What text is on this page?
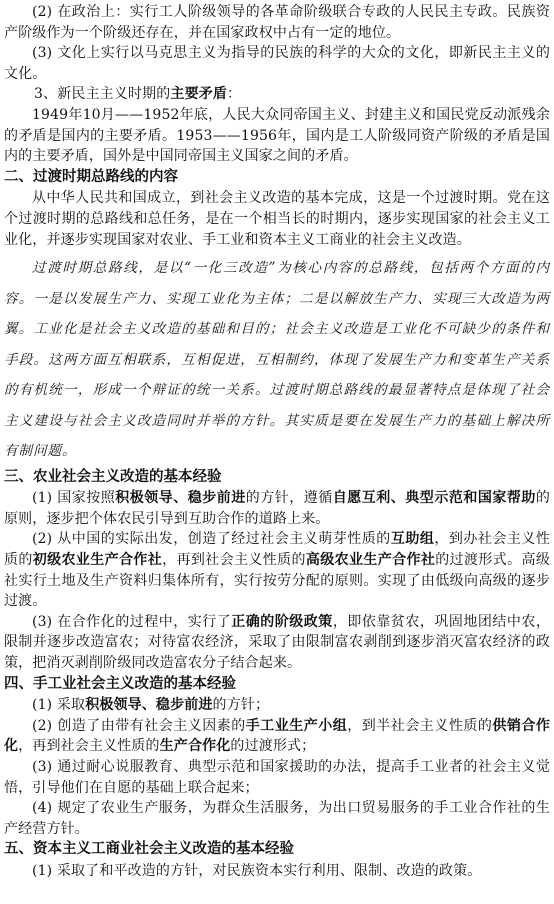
(2) 在政治上：实行工人阶级领导的各革命阶级联合专政的人民民主专政。民族资产阶级作为一个阶级还存在，并在国家政权中占有一定的地位。

(3) 文化上实行以马克思主义为指导的民族的科学的大众的文化，即新民主主义的文化。

3、新民主主义时期的主要矛盾：

1949年10月——1952年底，人民大众同帝国主义、封建主义和国民党反动派残余的矛盾是国内的主要矛盾。1953——1956年，国内是工人阶级同资产阶级的矛盾是国内的主要矛盾，国外是中国同帝国主义国家之间的矛盾。

二、过渡时期总路线的内容

从中华人民共和国成立，到社会主义改造的基本完成，这是一个过渡时期。党在这个过渡时期的总路线和总任务，是在一个相当长的时期内，逐步实现国家的社会主义工业化，并逐步实现国家对农业、手工业和资本主义工商业的社会主义改造。

过渡时期总路线，是以“一化三改造”为核心内容的总路线，包括两个方面的内容。一是以发展生产力、实现工业化为主体；二是以解放生产力、实现三大改造为两翼。工业化是社会主义改造的基础和目的；社会主义改造是工业化不可缺少的条件和手段。这两方面互相联系，互相促进，互相制约，体现了发展生产力和变革生产关系的有机统一，形成一个辩证的统一关系。过渡时期总路线的最显著特点是体现了社会主义建设与社会主义改造同时并举的方针。其实质是要在发展生产力的基础上解决所有制问题。

三、农业社会主义改造的基本经验

(1) 国家按照积极领导、稳步前进的方针，遵循自愿互利、典型示范和国家帮助的原则，逐步把个体农民引导到互助合作的道路上来。

(2) 从中国的实际出发，创造了经过社会主义萌芽性质的互助组，到办社会主义性质的初级农业生产合作社，再到社会主义性质的高级农业生产合作社的过渡形式。高级社实行土地及生产资料归集体所有，实行按劳分配的原则。实现了由低级向高级的逐步过渡。

(3) 在合作化的过程中，实行了正确的阶级政策，即依靠贫农，巩固地团结中农，限制并逐步改造富农；对待富农经济，采取了由限制富农剥削到逐步消灭富农经济的政策，把消灭剥削阶级同改造富农分子结合起来。

四、手工业社会主义改造的基本经验

(1) 采取积极领导、稳步前进的方针；

(2) 创造了由带有社会主义因素的手工业生产小组，到半社会主义性质的供销合作化，再到社会主义性质的生产合作化的过渡形式；

(3) 通过耐心说服教育、典型示范和国家援助的办法，提高手工业者的社会主义觉悟，引导他们在自愿的基础上联合起来；

(4) 规定了农业生产服务，为群众生活服务，为出口贸易服务的手工业合作社的生产经营方针。

五、资本主义工商业社会主义改造的基本经验

(1) 采取了和平改造的方针，对民族资本实行利用、限制、改造的政策。
